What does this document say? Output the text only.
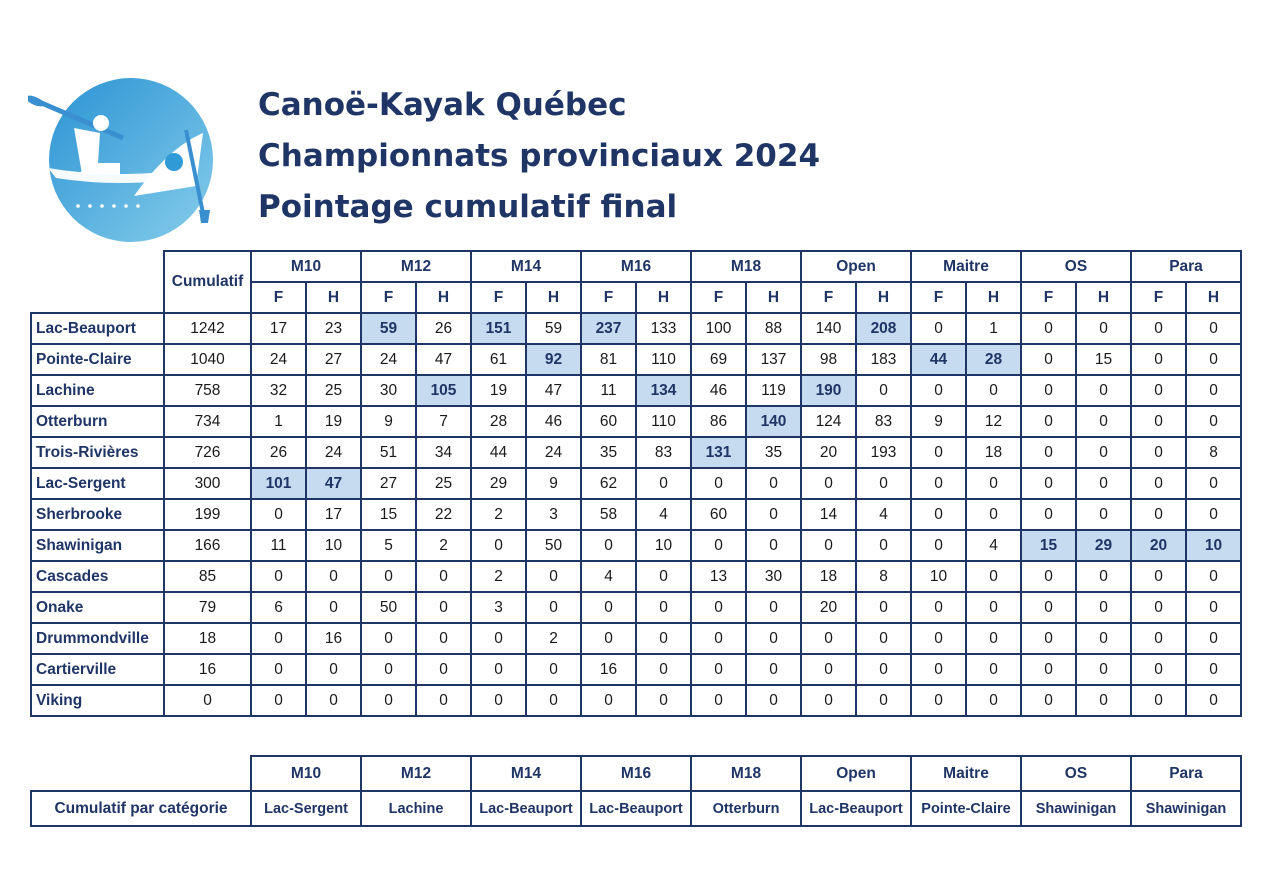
Canoë-Kayak Québec
Championnats provinciaux 2024
Pointage cumulatif final
	Cumulatif	M10		M12		M14		M16		M18		Open		Maitre		OS		Para	
		F	H	F	H	F	H	F	H	F	H	F	H	F	H	F	H	F	H
Lac-Beauport	1242	17	23	59	26	151	59	237	133	100	88	140	208	0	1	0	0	0	0
Pointe-Claire	1040	24	27	24	47	61	92	81	110	69	137	98	183	44	28	0	15	0	0
Lachine	758	32	25	30	105	19	47	11	134	46	119	190	0	0	0	0	0	0	0
Otterburn	734	1	19	9	7	28	46	60	110	86	140	124	83	9	12	0	0	0	0
Trois-Rivières	726	26	24	51	34	44	24	35	83	131	35	20	193	0	18	0	0	0	8
Lac-Sergent	300	101	47	27	25	29	9	62	0	0	0	0	0	0	0	0	0	0	0
Sherbrooke	199	0	17	15	22	2	3	58	4	60	0	14	4	0	0	0	0	0	0
Shawinigan	166	11	10	5	2	0	50	0	10	0	0	0	0	0	4	15	29	20	10
Cascades	85	0	0	0	0	2	0	4	0	13	30	18	8	10	0	0	0	0	0
Onake	79	6	0	50	0	3	0	0	0	0	0	20	0	0	0	0	0	0	0
Drummondville	18	0	16	0	0	0	2	0	0	0	0	0	0	0	0	0	0	0	0
Cartierville	16	0	0	0	0	0	0	16	0	0	0	0	0	0	0	0	0	0	0
Viking	0	0	0	0	0	0	0	0	0	0	0	0	0	0	0	0	0	0	0
	M10	M12	M14	M16	M18	Open	Maitre	OS	Para
Cumulatif par catégorie	Lac-Sergent	Lachine	Lac-Beauport	Lac-Beauport	Otterburn	Lac-Beauport	Pointe-Claire	Shawinigan	Shawinigan
